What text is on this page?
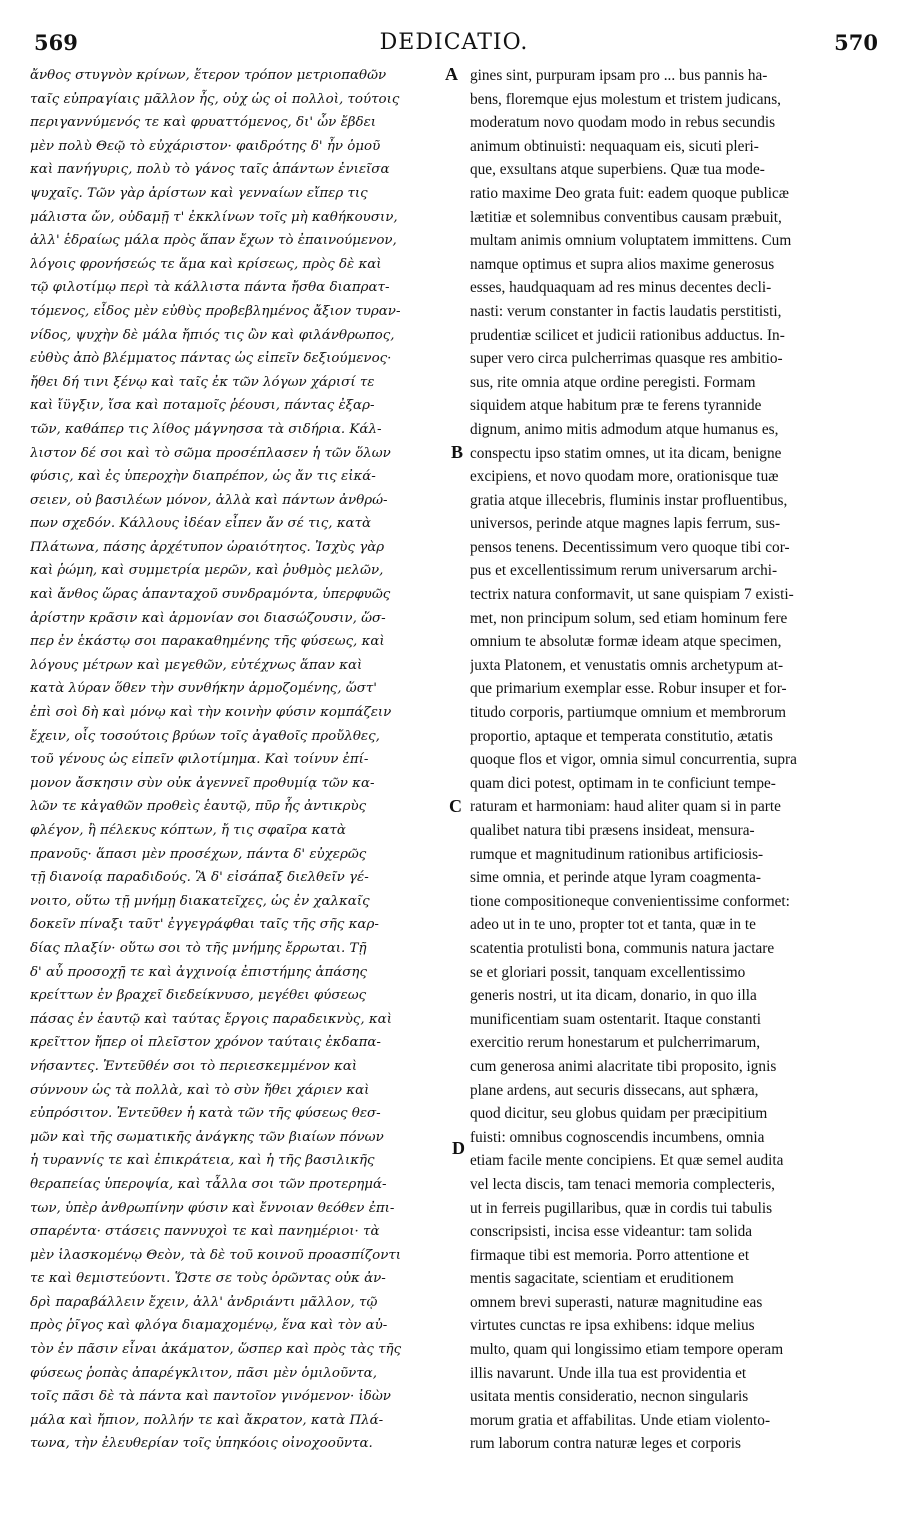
569	DEDICATIO.	570
ἄνθος στυγνὸν κρίνων, ἕτερον τρόπον μετριοπαθῶν
ταῖς εὐπραγίαις μᾶλλον ἦς, οὐχ ὡς οἱ πολλοὶ, τούτοις
περιγαννύμενός τε καὶ φρυαττόμενος, δι' ὧν ἔβδει
μὲν πολὺ Θεῷ τὸ εὐχάριστον· φαιδρότης δ' ἦν ὁμοῦ
καὶ πανήγυρις, πολὺ τὸ γάνος ταῖς ἁπάντων ἐνιεῖσα
ψυχαῖς. Τῶν γὰρ ἀρίστων καὶ γενναίων εἴπερ τις
μάλιστα ὤν, οὐδαμῇ τ' ἐκκλίνων τοῖς μὴ καθήκουσιν,
ἀλλ' ἑδραίως μάλα πρὸς ἅπαν ἔχων τὸ ἐπαινούμενον,
λόγοις φρονήσεώς τε ἅμα καὶ κρίσεως, πρὸς δὲ καὶ
τῷ φιλοτίμῳ περὶ τὰ κάλλιστα πάντα ἤσθα διαπρατ-
τόμενος, εἶδος μὲν εὐθὺς προβεβλημένος ἄξιον τυραν-
νίδος, ψυχὴν δὲ μάλα ἤπιός τις ὢν καὶ φιλάνθρωπος,
εὐθὺς ἀπὸ βλέμματος πάντας ὡς εἰπεῖν δεξιούμενος·
ἤθει δή τινι ξένῳ καὶ ταῖς ἐκ τῶν λόγων χάρισί τε
καὶ ἴϋγξιν, ἴσα καὶ ποταμοῖς ῥέουσι, πάντας ἐξαρ-
τῶν, καθάπερ τις λίθος μάγνησσα τὰ σιδήρια. Κάλ-
λιστον δέ σοι καὶ τὸ σῶμα προσέπλασεν ἡ τῶν ὅλων
φύσις, καὶ ἐς ὑπεροχὴν διαπρέπον, ὡς ἄν τις εἰκά-
σειεν, οὐ βασιλέων μόνον, ἀλλὰ καὶ πάντων ἀνθρώ-
πων σχεδόν. Κάλλους ἰδέαν εἶπεν ἄν σέ τις, κατὰ
Πλάτωνα, πάσης ἀρχέτυπον ὡραιότητος. Ἰσχὺς γὰρ
καὶ ῥώμη, καὶ συμμετρία μερῶν, καὶ ῥυθμὸς μελῶν,
καὶ ἄνθος ὥρας ἁπανταχοῦ συνδραμόντα, ὑπερφυῶς
ἀρίστην κρᾶσιν καὶ ἁρμονίαν σοι διασώζουσιν, ὥσ-
περ ἐν ἑκάστῳ σοι παρακαθημένης τῆς φύσεως, καὶ
λόγους μέτρων καὶ μεγεθῶν, εὐτέχνως ἅπαν καὶ
κατὰ λύραν ὅθεν τὴν συνθήκην ἁρμοζομένης, ὥστ'
ἐπὶ σοὶ δὴ καὶ μόνῳ καὶ τὴν κοινὴν φύσιν κομπάζειν
ἔχειν, οἷς τοσούτοις βρύων τοῖς ἀγαθοῖς προὔλθες,
τοῦ γένους ὡς εἰπεῖν φιλοτίμημα. Καὶ τοίνυν ἐπί-
μονον ἄσκησιν σὺν οὐκ ἀγεννεῖ προθυμίᾳ τῶν κα-
λῶν τε κἀγαθῶν προθεὶς ἑαυτῷ, πῦρ ἧς ἀντικρὺς
φλέγον, ἢ πέλεκυς κόπτων, ἤ τις σφαῖρα κατὰ
πρανοῦς· ἅπασι μὲν προσέχων, πάντα δ' εὐχερῶς
τῇ διανοίᾳ παραδιδούς. Ἃ δ' εἰσάπαξ διελθεῖν γέ-
νοιτο, οὕτω τῇ μνήμῃ διακατεῖχες, ὡς ἐν χαλκαῖς
δοκεῖν πίναξι ταῦτ' ἐγγεγράφθαι ταῖς τῆς σῆς καρ-
δίας πλαξίν· οὕτω σοι τὸ τῆς μνήμης ἔρρωται. Τῇ
δ' αὖ προσοχῇ τε καὶ ἀγχινοίᾳ ἐπιστήμης ἁπάσης
κρείττων ἐν βραχεῖ διεδείκνυσο, μεγέθει φύσεως
πάσας ἐν ἑαυτῷ καὶ ταύτας ἔργοις παραδεικνὺς, καὶ
κρεῖττον ἤπερ οἱ πλεῖστον χρόνον ταύταις ἐκδαπα-
νήσαντες. Ἐντεῦθέν σοι τὸ περιεσκεμμένον καὶ
σύννουν ὡς τὰ πολλὰ, καὶ τὸ σὺν ἤθει χάριεν καὶ
εὐπρόσιτον. Ἐντεῦθεν ἡ κατὰ τῶν τῆς φύσεως θεσ-
μῶν καὶ τῆς σωματικῆς ἀνάγκης τῶν βιαίων πόνων
ἡ τυραννίς τε καὶ ἐπικράτεια, καὶ ἡ τῆς βασιλικῆς
θεραπείας ὑπεροψία, καὶ τἆλλα σοι τῶν προτερημά-
των, ὑπὲρ ἀνθρωπίνην φύσιν καὶ ἔννοιαν θεόθεν ἐπι-
σπαρέντα· στάσεις παννυχοὶ τε καὶ πανημέριοι· τὰ
μὲν ἱλασκομένῳ Θεὸν, τὰ δὲ τοῦ κοινοῦ προασπίζοντι
τε καὶ θεμιστεύοντι. Ὥστε σε τοὺς ὁρῶντας οὐκ ἀν-
δρὶ παραβάλλειν ἔχειν, ἀλλ' ἀνδριάντι μᾶλλον, τῷ
πρὸς ῥῖγος καὶ φλόγα διαμαχομένῳ, ἕνα καὶ τὸν αὐ-
τὸν ἐν πᾶσιν εἶναι ἀκάματον, ὥσπερ καὶ πρὸς τὰς τῆς
φύσεως ῥοπὰς ἀπαρέγκλιτον, πᾶσι μὲν ὁμιλοῦντα,
τοῖς πᾶσι δὲ τὰ πάντα καὶ παντοῖον γινόμενον· ἰδὼν
μάλα καὶ ἤπιον, πολλήν τε καὶ ἄκρατον, κατὰ Πλά-
τωνα, τὴν ἐλευθερίαν τοῖς ὑπηκόοις οἰνοχοοῦντα.
gines sint, purpuram ipsam pro ... bus pannis ha-
bens, floremque ejus molestum et tristem judicans,
moderatum novo quodam modo in rebus secundis
animum obtinuisti: nequaquam eis, sicuti pleri-
que, exsultans atque superbiens. Quæ tua mode-
ratio maxime Deo grata fuit: eadem quoque publicæ
lætitiæ et solemnibus conventibus causam præbuit,
multam animis omnium voluptatem immittens. Cum
namque optimus et supra alios maxime generosus
esses, haudquaquam ad res minus decentes decli-
nasti: verum constanter in factis laudatis perstitisti,
prudentiæ scilicet et judicii rationibus adductus. In-
super vero circa pulcherrimas quasque res ambitio-
sus, rite omnia atque ordine peregisti. Formam
siquidem atque habitum præ te ferens tyrannide
dignum, animo mitis admodum atque humanus es,
conspectu ipso statim omnes, ut ita dicam, benigne
excipiens, et novo quodam more, orationisque tuæ
gratia atque illecebris, fluminis instar profluentibus,
universos, perinde atque magnes lapis ferrum, sus-
pensos tenens. Decentissimum vero quoque tibi cor-
pus et excellentissimum rerum universarum archi-
tectrix natura conformavit, ut sane quispiam 7 existi-
met, non principum solum, sed etiam hominum fere
omnium te absolutæ formæ ideam atque specimen,
juxta Platonem, et venustatis omnis archetypum at-
que primarium exemplar esse. Robur insuper et for-
titudo corporis, partiumque omnium et membrorum
proportio, aptaque et temperata constitutio, ætatis
quoque flos et vigor, omnia simul concurrentia, supra
quam dici potest, optimam in te conficiunt tempe-
raturam et harmoniam: haud aliter quam si in parte
qualibet natura tibi præsens insideat, mensura-
rumque et magnitudinum rationibus artificiosis-
sime omnia, et perinde atque lyram coagmenta-
tione compositioneque convenientissime conformet:
adeo ut in te uno, propter tot et tanta, quæ in te
scatentia protulisti bona, communis natura jactare
se et gloriari possit, tanquam excellentissimo
generis nostri, ut ita dicam, donario, in quo illa
munificentiam suam ostentarit. Itaque constanti
exercitio rerum honestarum et pulcherrimarum,
cum generosa animi alacritate tibi proposito, ignis
plane ardens, aut securis dissecans, aut sphæra,
quod dicitur, seu globus quidam per præcipitium
fuisti: omnibus cognoscendis incumbens, omnia
etiam facile mente concipiens. Et quæ semel audita
vel lecta discis, tam tenaci memoria complecteris,
ut in ferreis pugillaribus, quæ in cordis tui tabulis
conscripsisti, incisa esse videantur: tam solida
firmaque tibi est memoria. Porro attentione et
mentis sagacitate, scientiam et eruditionem
omnem brevi superasti, naturæ magnitudine eas
virtutes cunctas re ipsa exhibens: idque melius
multo, quam qui longissimo etiam tempore operam
illis navarunt. Unde illa tua est providentia et
usitata mentis consideratio, necnon singularis
morum gratia et affabilitas. Unde etiam violento-
rum laborum contra naturæ leges et corporis
A
B
C
D
